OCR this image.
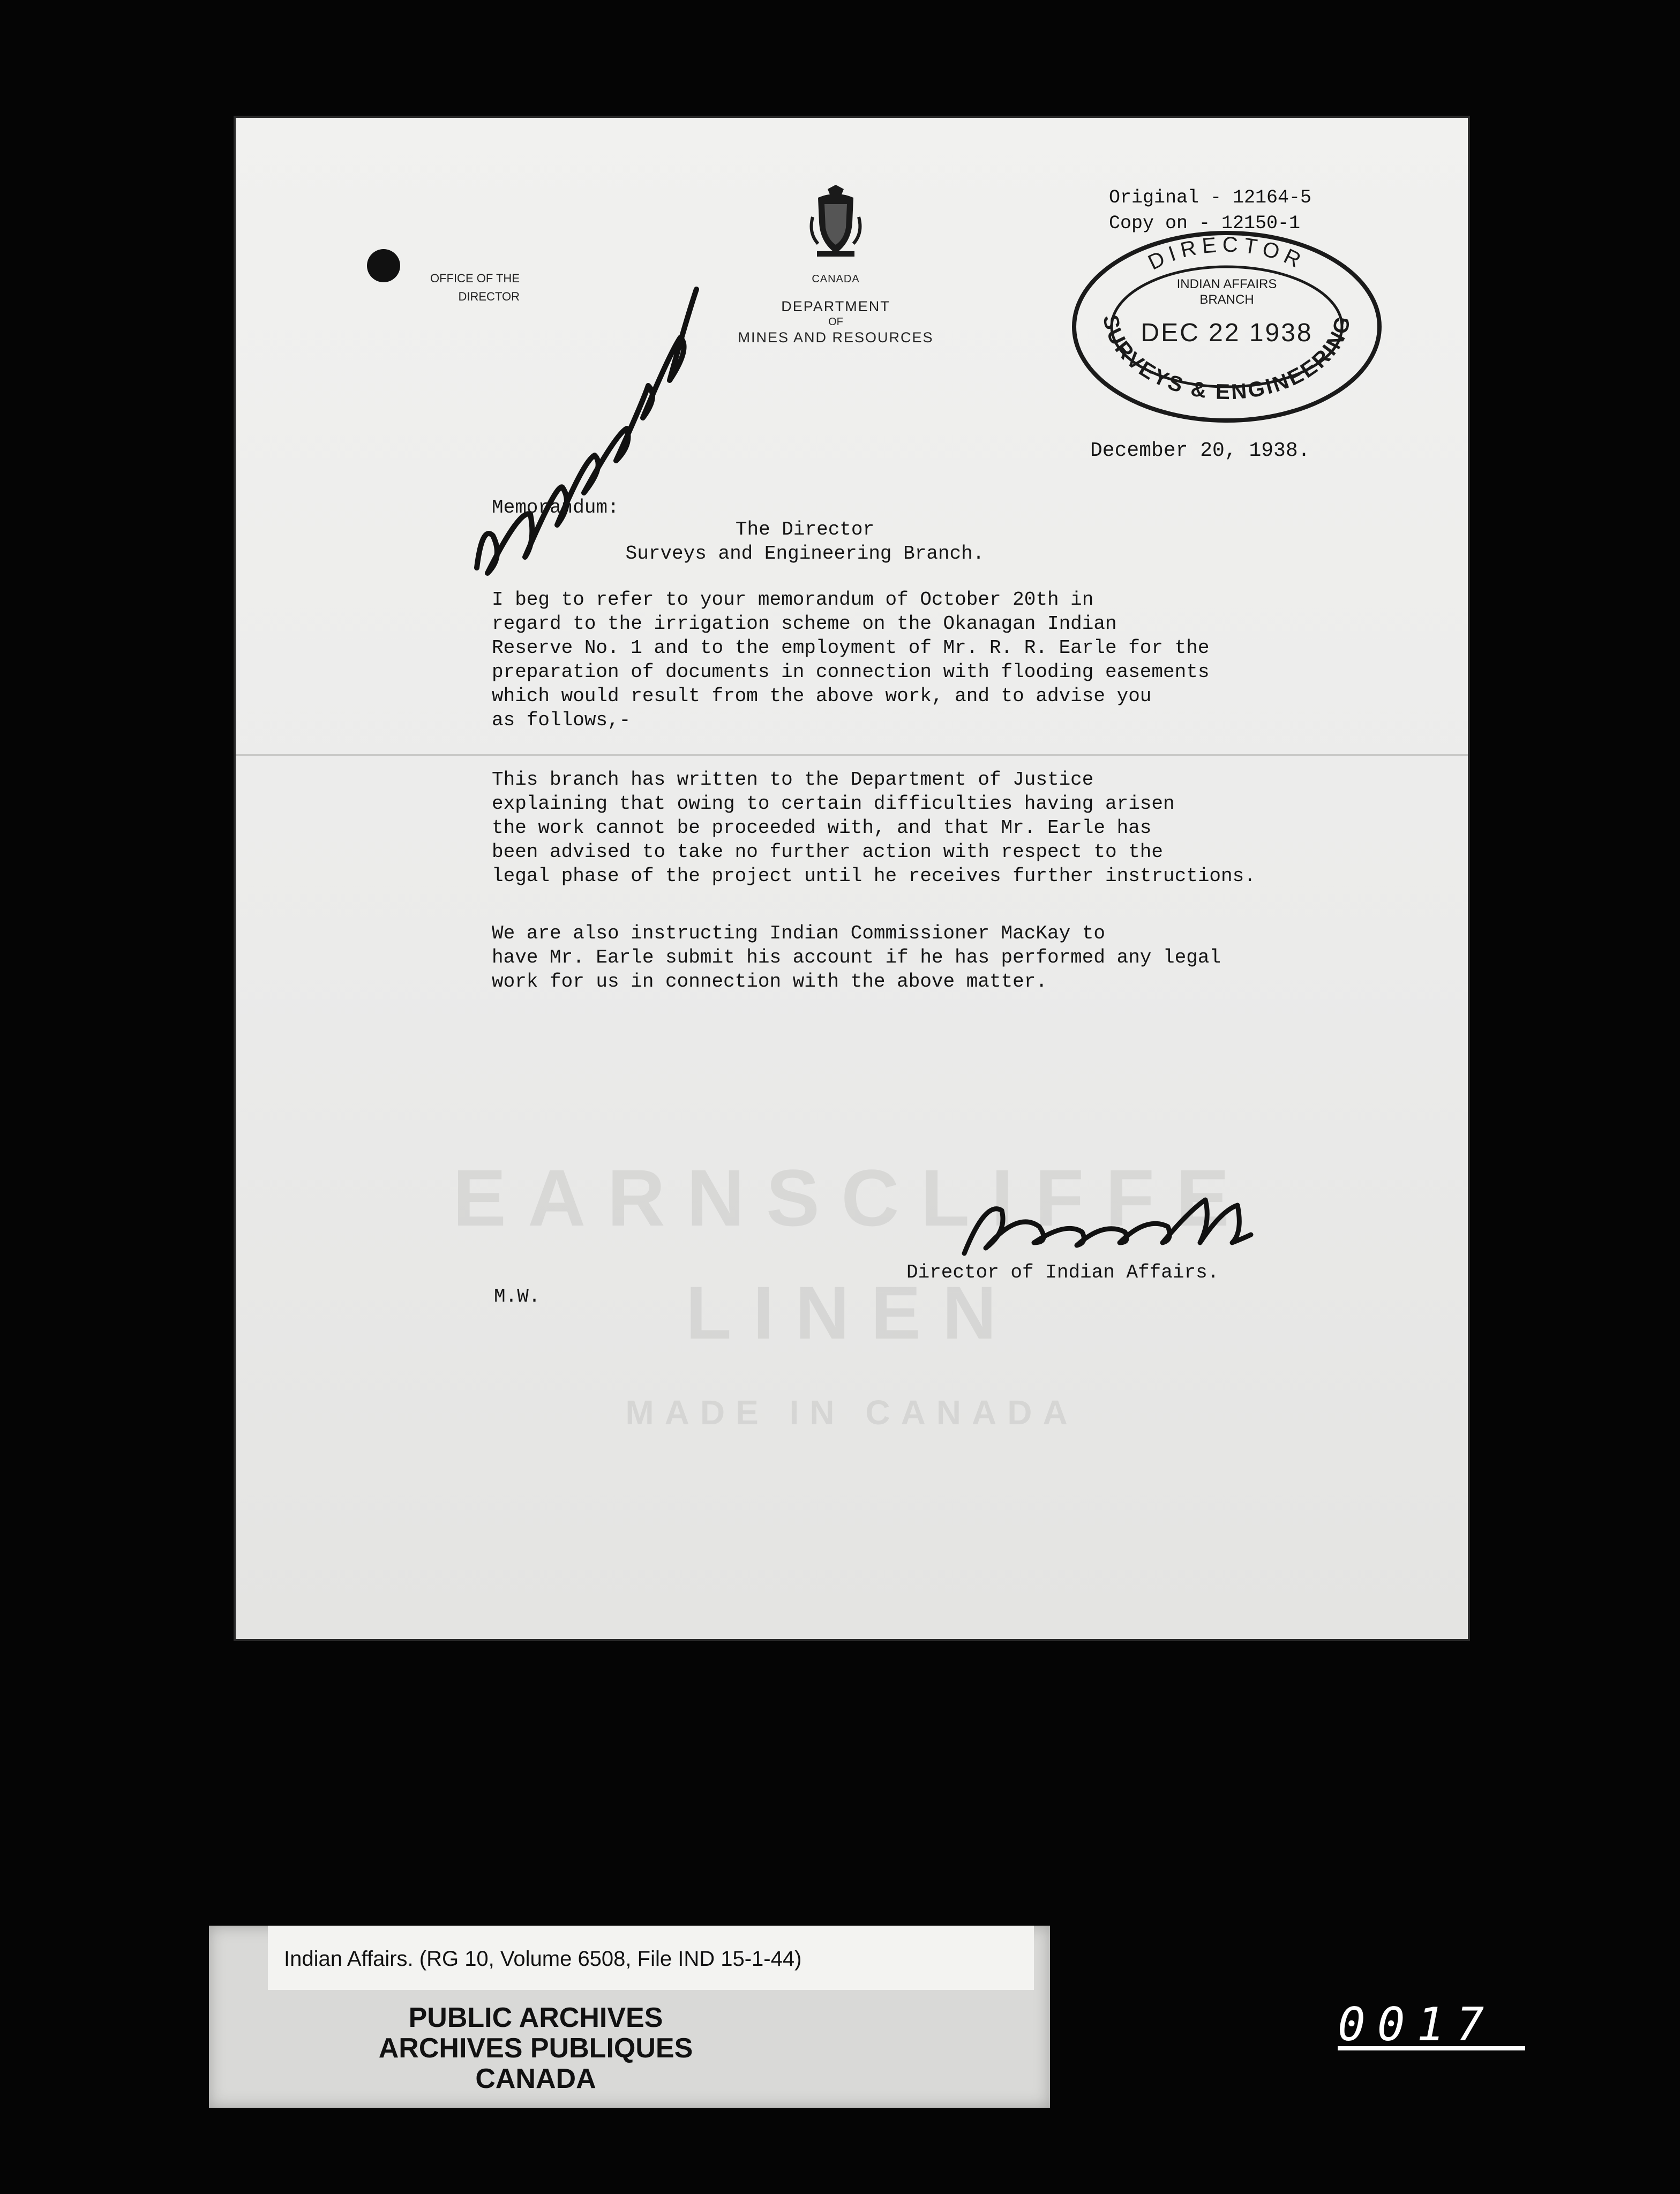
EARNSCLIFFE
LINEN
MADE IN CANADA
OFFICE OF THE
DIRECTOR
CANADA
DEPARTMENT
OF
MINES AND RESOURCES
Original - 12164-5
Copy on - 12150-1
DIRECTOR
INDIAN AFFAIRS
BRANCH
DEC 22 1938
SURVEYS & ENGINEERING
December 20, 1938.
Memorandum:
The Director
Surveys and Engineering Branch.
I beg to refer to your memorandum of October 20th in
regard to the irrigation scheme on the Okanagan Indian
Reserve No. 1 and to the employment of Mr. R. R. Earle for the
preparation of documents in connection with flooding easements
which would result from the above work, and to advise you
as follows,-
This branch has written to the Department of Justice
explaining that owing to certain difficulties having arisen
the work cannot be proceeded with, and that Mr. Earle has
been advised to take no further action with respect to the
legal phase of the project until he receives further instructions.
We are also instructing Indian Commissioner MacKay to
have Mr. Earle submit his account if he has performed any legal
work for us in connection with the above matter.
Director of Indian Affairs.
M.W.
Indian Affairs. (RG 10, Volume 6508, File IND 15-1-44)
PUBLIC ARCHIVES
ARCHIVES PUBLIQUES
CANADA
0017
